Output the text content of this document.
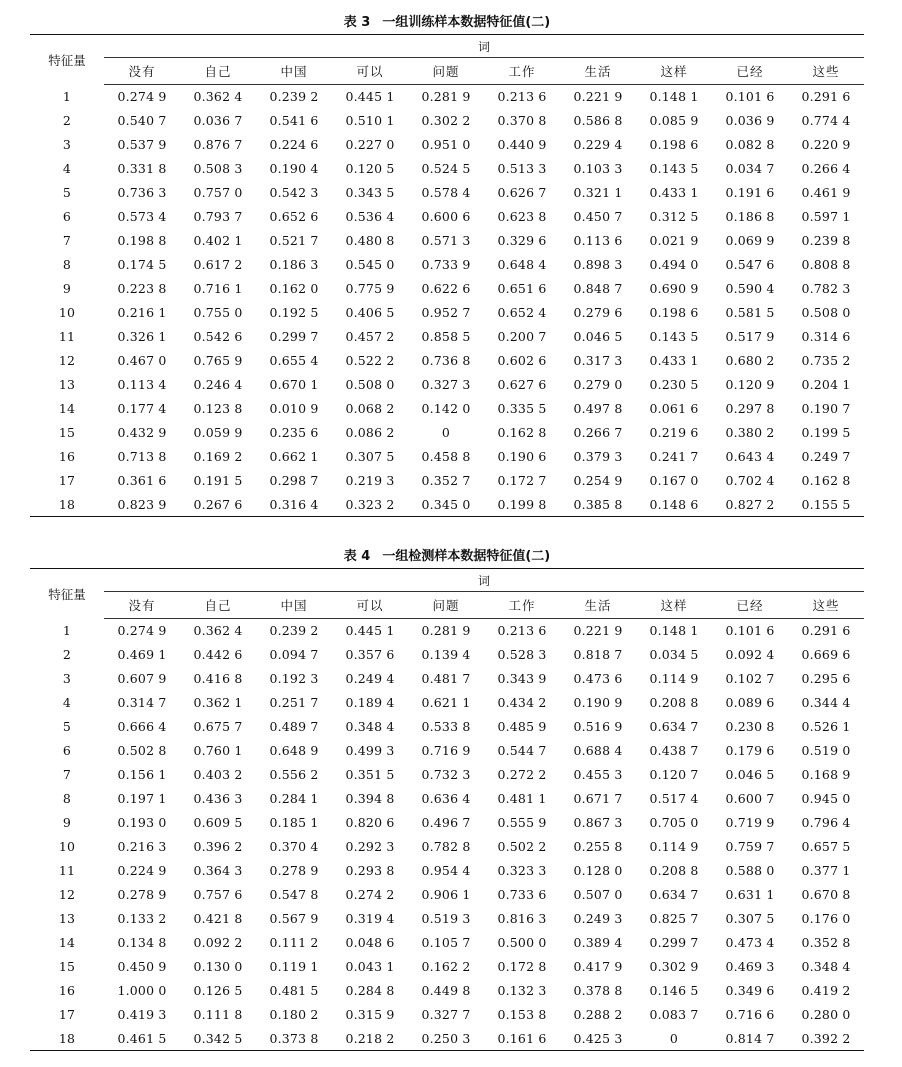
表 3 一组训练样本数据特征值(二)
特征量	词									
	没有	自己	中国	可以	问题	工作	生活	这样	已经	这些
1	0.274 9	0.362 4	0.239 2	0.445 1	0.281 9	0.213 6	0.221 9	0.148 1	0.101 6	0.291 6
2	0.540 7	0.036 7	0.541 6	0.510 1	0.302 2	0.370 8	0.586 8	0.085 9	0.036 9	0.774 4
3	0.537 9	0.876 7	0.224 6	0.227 0	0.951 0	0.440 9	0.229 4	0.198 6	0.082 8	0.220 9
4	0.331 8	0.508 3	0.190 4	0.120 5	0.524 5	0.513 3	0.103 3	0.143 5	0.034 7	0.266 4
5	0.736 3	0.757 0	0.542 3	0.343 5	0.578 4	0.626 7	0.321 1	0.433 1	0.191 6	0.461 9
6	0.573 4	0.793 7	0.652 6	0.536 4	0.600 6	0.623 8	0.450 7	0.312 5	0.186 8	0.597 1
7	0.198 8	0.402 1	0.521 7	0.480 8	0.571 3	0.329 6	0.113 6	0.021 9	0.069 9	0.239 8
8	0.174 5	0.617 2	0.186 3	0.545 0	0.733 9	0.648 4	0.898 3	0.494 0	0.547 6	0.808 8
9	0.223 8	0.716 1	0.162 0	0.775 9	0.622 6	0.651 6	0.848 7	0.690 9	0.590 4	0.782 3
10	0.216 1	0.755 0	0.192 5	0.406 5	0.952 7	0.652 4	0.279 6	0.198 6	0.581 5	0.508 0
11	0.326 1	0.542 6	0.299 7	0.457 2	0.858 5	0.200 7	0.046 5	0.143 5	0.517 9	0.314 6
12	0.467 0	0.765 9	0.655 4	0.522 2	0.736 8	0.602 6	0.317 3	0.433 1	0.680 2	0.735 2
13	0.113 4	0.246 4	0.670 1	0.508 0	0.327 3	0.627 6	0.279 0	0.230 5	0.120 9	0.204 1
14	0.177 4	0.123 8	0.010 9	0.068 2	0.142 0	0.335 5	0.497 8	0.061 6	0.297 8	0.190 7
15	0.432 9	0.059 9	0.235 6	0.086 2	0	0.162 8	0.266 7	0.219 6	0.380 2	0.199 5
16	0.713 8	0.169 2	0.662 1	0.307 5	0.458 8	0.190 6	0.379 3	0.241 7	0.643 4	0.249 7
17	0.361 6	0.191 5	0.298 7	0.219 3	0.352 7	0.172 7	0.254 9	0.167 0	0.702 4	0.162 8
18	0.823 9	0.267 6	0.316 4	0.323 2	0.345 0	0.199 8	0.385 8	0.148 6	0.827 2	0.155 5
表 4 一组检测样本数据特征值(二)
特征量	词									
	没有	自己	中国	可以	问题	工作	生活	这样	已经	这些
1	0.274 9	0.362 4	0.239 2	0.445 1	0.281 9	0.213 6	0.221 9	0.148 1	0.101 6	0.291 6
2	0.469 1	0.442 6	0.094 7	0.357 6	0.139 4	0.528 3	0.818 7	0.034 5	0.092 4	0.669 6
3	0.607 9	0.416 8	0.192 3	0.249 4	0.481 7	0.343 9	0.473 6	0.114 9	0.102 7	0.295 6
4	0.314 7	0.362 1	0.251 7	0.189 4	0.621 1	0.434 2	0.190 9	0.208 8	0.089 6	0.344 4
5	0.666 4	0.675 7	0.489 7	0.348 4	0.533 8	0.485 9	0.516 9	0.634 7	0.230 8	0.526 1
6	0.502 8	0.760 1	0.648 9	0.499 3	0.716 9	0.544 7	0.688 4	0.438 7	0.179 6	0.519 0
7	0.156 1	0.403 2	0.556 2	0.351 5	0.732 3	0.272 2	0.455 3	0.120 7	0.046 5	0.168 9
8	0.197 1	0.436 3	0.284 1	0.394 8	0.636 4	0.481 1	0.671 7	0.517 4	0.600 7	0.945 0
9	0.193 0	0.609 5	0.185 1	0.820 6	0.496 7	0.555 9	0.867 3	0.705 0	0.719 9	0.796 4
10	0.216 3	0.396 2	0.370 4	0.292 3	0.782 8	0.502 2	0.255 8	0.114 9	0.759 7	0.657 5
11	0.224 9	0.364 3	0.278 9	0.293 8	0.954 4	0.323 3	0.128 0	0.208 8	0.588 0	0.377 1
12	0.278 9	0.757 6	0.547 8	0.274 2	0.906 1	0.733 6	0.507 0	0.634 7	0.631 1	0.670 8
13	0.133 2	0.421 8	0.567 9	0.319 4	0.519 3	0.816 3	0.249 3	0.825 7	0.307 5	0.176 0
14	0.134 8	0.092 2	0.111 2	0.048 6	0.105 7	0.500 0	0.389 4	0.299 7	0.473 4	0.352 8
15	0.450 9	0.130 0	0.119 1	0.043 1	0.162 2	0.172 8	0.417 9	0.302 9	0.469 3	0.348 4
16	1.000 0	0.126 5	0.481 5	0.284 8	0.449 8	0.132 3	0.378 8	0.146 5	0.349 6	0.419 2
17	0.419 3	0.111 8	0.180 2	0.315 9	0.327 7	0.153 8	0.288 2	0.083 7	0.716 6	0.280 0
18	0.461 5	0.342 5	0.373 8	0.218 2	0.250 3	0.161 6	0.425 3	0	0.814 7	0.392 2
